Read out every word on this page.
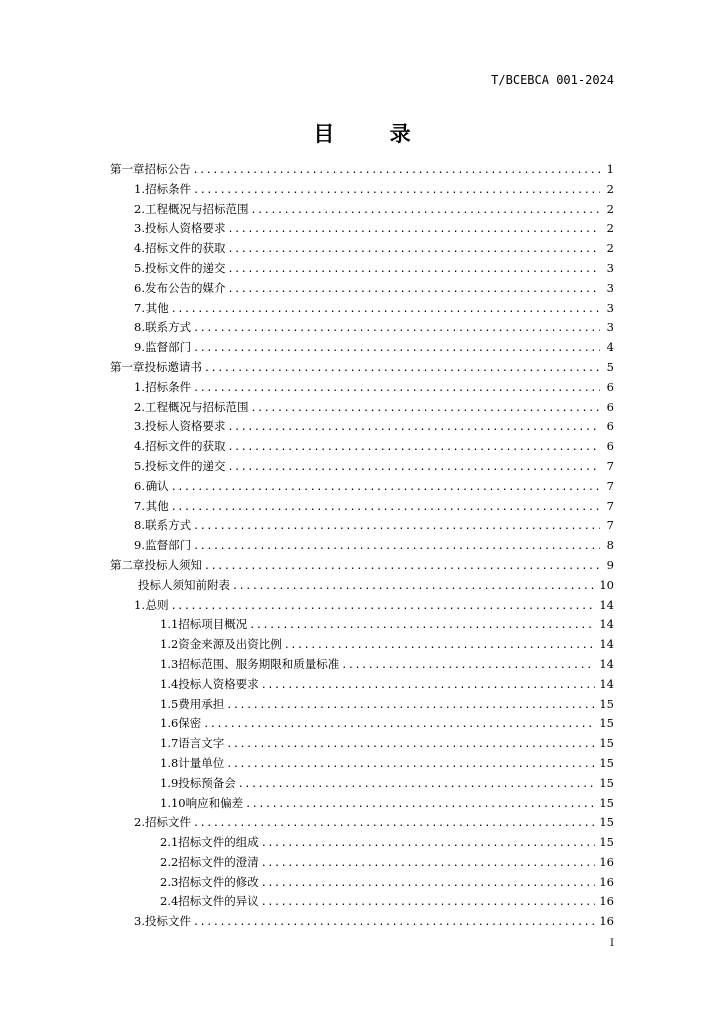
T/BCEBCA 001-2024
目 录
第一章 招标公告 .....	1
1. 招标条件 .....	2
2. 工程概况与招标范围 .....	2
3. 投标人资格要求 .....	2
4. 招标文件的获取 .....	2
5. 投标文件的递交 .....	3
6. 发布公告的媒介 .....	3
7. 其他 .....	3
8. 联系方式 .....	3
9. 监督部门 .....	4
第一章 投标邀请书 .....	5
1. 招标条件 .....	6
2. 工程概况与招标范围 .....	6
3. 投标人资格要求 .....	6
4. 招标文件的获取 .....	6
5. 投标文件的递交 .....	7
6. 确认 .....	7
7. 其他 .....	7
8. 联系方式 .....	7
9. 监督部门 .....	8
第二章 投标人须知 .....	9
投标人须知前附表 .....	10
1. 总则 .....	14
1.1 招标项目概况 .....	14
1.2 资金来源及出资比例 .....	14
1.3 招标范围、服务期限和质量标准 .....	14
1.4 投标人资格要求 .....	14
1.5 费用承担 .....	15
1.6 保密 .....	15
1.7 语言文字 .....	15
1.8 计量单位 .....	15
1.9 投标预备会 .....	15
1.10 响应和偏差 .....	15
2. 招标文件 .....	15
2.1 招标文件的组成 .....	15
2.2 招标文件的澄清 .....	16
2.3 招标文件的修改 .....	16
2.4 招标文件的异议 .....	16
3. 投标文件 .....	16
I
